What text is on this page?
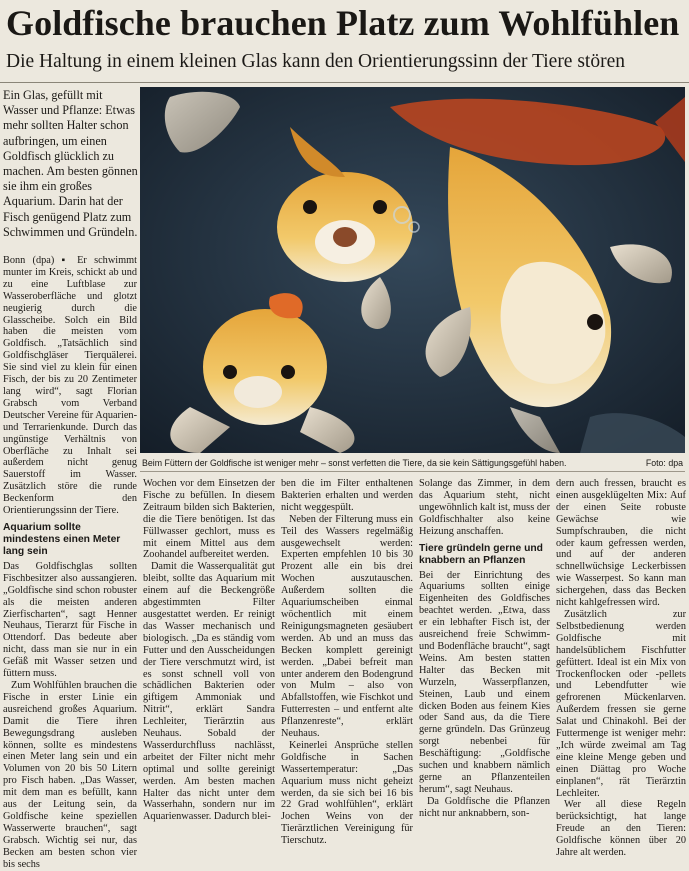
Goldfische brauchen Platz zum Wohlfühlen
Die Haltung in einem kleinen Glas kann den Orientierungssinn der Tiere stören
Ein Glas, gefüllt mit Wasser und Pflanze: Etwas mehr sollten Halter schon aufbringen, um einen Goldfisch glücklich zu machen. Am besten gönnen sie ihm ein großes Aquarium. Darin hat der Fisch genügend Platz zum Schwimmen und Gründeln.
Beim Füttern der Goldfische ist weniger mehr – sonst verfetten die Tiere, da sie kein Sättigungsgefühl haben.	Foto: dpa

Bonn (dpa) ▪ Er schwimmt munter im Kreis, schickt ab und zu eine Luftblase zur Wasseroberfläche und glotzt neugierig durch die Glasscheibe. Solch ein Bild haben die meisten vom Goldfisch. „Tatsächlich sind Goldfischgläser Tierquälerei. Sie sind viel zu klein für einen Fisch, der bis zu 20 Zentimeter lang wird“, sagt Florian Grabsch vom Verband Deutscher Vereine für Aquarien- und Terrarienkunde. Durch das ungünstige Verhältnis von Oberfläche zu Inhalt sei außerdem nicht genug Sauerstoff im Wasser. Zusätzlich störe die runde Beckenform den Orientierungssinn der Tiere.

Aquarium sollte mindestens einen Meter lang sein

Das Goldfischglas sollten Fischbesitzer also aussangieren. „Goldfische sind schon robuster als die meisten anderen Zierfischarten“, sagt Henner Neuhaus, Tierarzt für Fische in Ottendorf. Das bedeute aber nicht, dass man sie nur in ein Gefäß mit Wasser setzen und füttern muss.

Zum Wohlfühlen brauchen die Fische in erster Linie ein ausreichend großes Aquarium. Damit die Tiere ihren Bewegungsdrang ausleben können, sollte es mindestens einen Meter lang sein und ein Volumen von 20 bis 50 Litern pro Fisch haben. „Das Wasser, mit dem man es befüllt, kann aus der Leitung sein, da Goldfische keine speziellen Wasserwerte brauchen“, sagt Grabsch. Wichtig sei nur, das Becken am besten schon vier bis sechs

Wochen vor dem Einsetzen der Fische zu befüllen. In diesem Zeitraum bilden sich Bakterien, die die Tiere benötigen. Ist das Füllwasser gechlort, muss es mit einem Mittel aus dem Zoohandel aufbereitet werden.

Damit die Wasserqualität gut bleibt, sollte das Aquarium mit einem auf die Beckengröße abgestimmten Filter ausgestattet werden. Er reinigt das Wasser mechanisch und biologisch. „Da es ständig vom Futter und den Ausscheidungen der Tiere verschmutzt wird, ist es sonst schnell voll von schädlichen Bakterien oder giftigem Ammoniak und Nitrit“, erklärt Sandra Lechleiter, Tierärztin aus Neuhaus. Sobald der Wasserdurchfluss nachlässt, arbeitet der Filter nicht mehr optimal und sollte gereinigt werden. Am besten machen Halter das nicht unter dem Wasserhahn, sondern nur im Aquarienwasser. Dadurch blei-

ben die im Filter enthaltenen Bakterien erhalten und werden nicht weggespült.

Neben der Filterung muss ein Teil des Wassers regelmäßig ausgewechselt werden: Experten empfehlen 10 bis 30 Prozent alle ein bis drei Wochen auszutauschen. Außerdem sollten die Aquariumscheiben einmal wöchentlich mit einem Reinigungsmagneten gesäubert werden. Ab und an muss das Becken komplett gereinigt werden. „Dabei befreit man unter anderem den Bodengrund von Mulm – also von Abfallstoffen, wie Fischkot und Futterresten – und entfernt alte Pflanzenreste“, erklärt Neuhaus.

Keinerlei Ansprüche stellen Goldfische in Sachen Wassertemperatur: „Das Aquarium muss nicht geheizt werden, da sie sich bei 16 bis 22 Grad wohlfühlen“, erklärt Jochen Weins von der Tierärztlichen Vereinigung für Tierschutz.

Solange das Zimmer, in dem das Aquarium steht, nicht ungewöhnlich kalt ist, muss der Goldfischhalter also keine Heizung anschaffen.

Tiere gründeln gerne und knabbern an Pflanzen

Bei der Einrichtung des Aquariums sollten einige Eigenheiten des Goldfisches beachtet werden. „Etwa, dass er ein lebhafter Fisch ist, der ausreichend freie Schwimm- und Bodenfläche braucht“, sagt Weins. Am besten statten Halter das Becken mit Wurzeln, Wasserpflanzen, Steinen, Laub und einem dicken Boden aus feinem Kies oder Sand aus, da die Tiere gerne gründeln. Das Grünzeug sorgt nebenbei für Beschäftigung: „Goldfische suchen und knabbern nämlich gerne an Pflanzenteilen herum“, sagt Neuhaus.

Da Goldfische die Pflanzen nicht nur anknabbern, son-

dern auch fressen, braucht es einen ausgeklügelten Mix: Auf der einen Seite robuste Gewächse wie Sumpfschrauben, die nicht oder kaum gefressen werden, und auf der anderen schnellwüchsige Leckerbissen wie Wasserpest. So kann man sichergehen, dass das Becken nicht kahlgefressen wird.

Zusätzlich zur Selbstbedienung werden Goldfische mit handelsüblichem Fischfutter gefüttert. Ideal ist ein Mix von Trockenflocken oder -pellets und Lebendfutter wie gefrorenen Mückenlarven. Außerdem fressen sie gerne Salat und Chinakohl. Bei der Futtermenge ist weniger mehr: „Ich würde zweimal am Tag eine kleine Menge geben und einen Diättag pro Woche einplanen“, rät Tierärztin Lechleiter.

Wer all diese Regeln berücksichtigt, hat lange Freude an den Tieren: Goldfische können über 20 Jahre alt werden.
